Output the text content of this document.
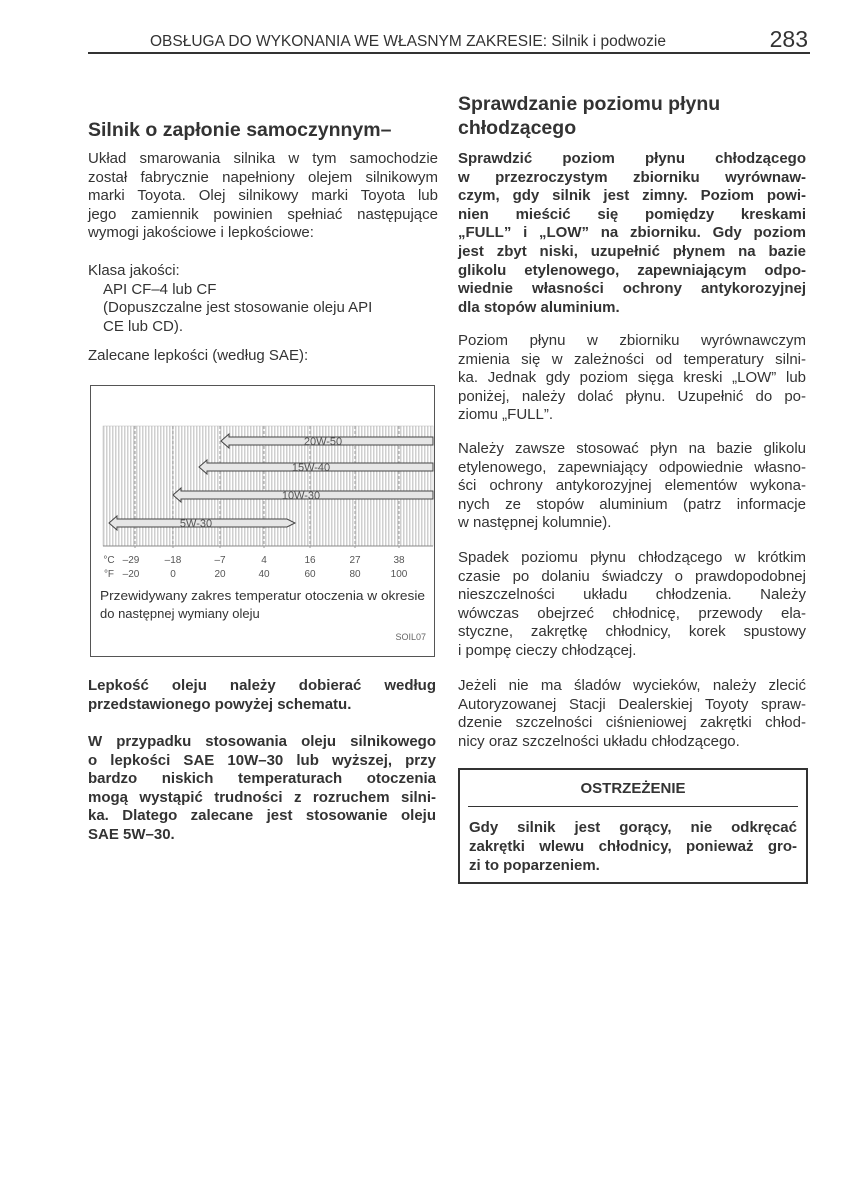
OBSŁUGA DO WYKONANIA WE WŁASNYM ZAKRESIE: Silnik i podwozie	283
Silnik o zapłonie samoczynnym–
Układ smarowania silnika w tym samochodzie
został fabrycznie napełniony olejem silnikowym
marki Toyota. Olej silnikowy marki Toyota lub
jego zamiennik powinien spełniać następujące
wymogi jakościowe i lepkościowe:
Klasa jakości:
API CF–4 lub CF
(Dopuszczalne jest stosowanie oleju API
CE lub CD).
Zalecane lepkości (według SAE):
20W-50
15W-40
10W-30
5W-30
°C –29	–18	–7	4	16	27	38
°F –20	0	20	40	60	80	100
Przewidywany zakres temperatur otoczenia w okresie
do następnej wymiany oleju
SOIL07
Lepkość oleju należy dobierać według
przedstawionego powyżej schematu.
W przypadku stosowania oleju silnikowego
o lepkości SAE 10W–30 lub wyższej, przy
bardzo niskich temperaturach otoczenia
mogą wystąpić trudności z rozruchem silni-
ka. Dlatego zalecane jest stosowanie oleju
SAE 5W–30.
Sprawdzanie poziomu płynu
chłodzącego
Sprawdzić poziom płynu chłodzącego
w przezroczystym zbiorniku wyrównaw-
czym, gdy silnik jest zimny. Poziom powi-
nien mieścić się pomiędzy kreskami
„FULL” i „LOW” na zbiorniku. Gdy poziom
jest zbyt niski, uzupełnić płynem na bazie
glikolu etylenowego, zapewniającym odpo-
wiednie własności ochrony antykorozyjnej
dla stopów aluminium.
Poziom płynu w zbiorniku wyrównawczym
zmienia się w zależności od temperatury silni-
ka. Jednak gdy poziom sięga kreski „LOW” lub
poniżej, należy dolać płynu. Uzupełnić do po-
ziomu „FULL”.
Należy zawsze stosować płyn na bazie glikolu
etylenowego, zapewniający odpowiednie własno-
ści ochrony antykorozyjnej elementów wykona-
nych ze stopów aluminium (patrz informacje
w następnej kolumnie).
Spadek poziomu płynu chłodzącego w krótkim
czasie po dolaniu świadczy o prawdopodobnej
nieszczelności układu chłodzenia. Należy
wówczas obejrzeć chłodnicę, przewody ela-
styczne, zakrętkę chłodnicy, korek spustowy
i pompę cieczy chłodzącej.
Jeżeli nie ma śladów wycieków, należy zlecić
Autoryzowanej Stacji Dealerskiej Toyoty spraw-
dzenie szczelności ciśnieniowej zakrętki chłod-
nicy oraz szczelności układu chłodzącego.
OSTRZEŻENIE
Gdy silnik jest gorący, nie odkręcać
zakrętki wlewu chłodnicy, ponieważ gro-
zi to poparzeniem.
